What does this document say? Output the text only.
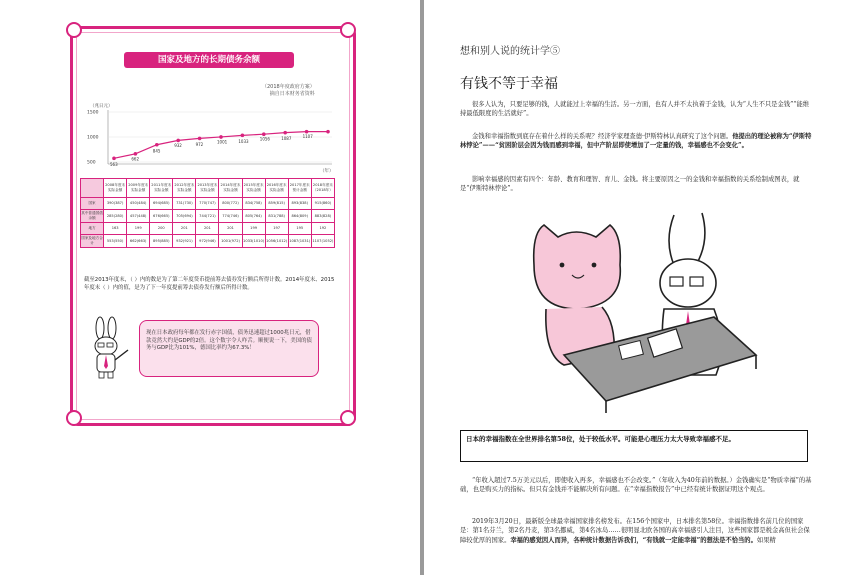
国家及地方的长期债务余额
（2018年度政府方案）
摘自日本财务省资料
（兆日元）
（年）
1500
1000
500	563
662
845
932	972	1001	1033	1056	1087	1107
	2008年度末实际金额	2009年度末实际金额	2011年度末实际金额	2012年度末实际金额	2013年度末实际金额	2014年度末实际金额	2015年度末实际金额	2016年度末实际金额	2017年度末预计金额	2018年度末（2018年）
国家	390(387)	450(484)	694(685)	731(730)	770(747)	800(772)	834(758)	859(815)	893(838)	915(860)
其中普通国债余额	285(280)	457(448)	676(665)	705(694)	744(721)	774(746)	805(764)	831(788)	864(809)	883(828)
地方	163	199	200	201	201	201	199	197	195	192
国家及地方合计	553(550)	662(663)	895(885)	932(921)	972(946)	1001(972)	1033(1010)	1056(1012)	1087(1031)	1107(1052)
截至2013年度末，（ ）内的数是为了第二年度贷币提前筹去债券发行额后所得计数。2014年度末、2015年度末（ ）内的值，是为了下一年度提前筹去债券发行额后所得计数。
现在日本政府每年都在发行赤字国债，债务迅速超过1000兆日元，借款竟然大约是GDP的2倍。这个数字令人咋舌。顺便说一下，美国的债务与GDP比为101%，德国比率约为67.3%！
想和别人说的统计学⑤
有钱不等于幸福
很多人认为，只要足够的钱，人就能过上幸福的生活。另一方面，也有人并不太执着于金钱，认为“人生不只是金钱”“能维持最低限度的生活就好”。
金钱和幸福指数到底存在着什么样的关系呢？经济学家理查德·伊斯特林认真研究了这个问题。他提出的理论被称为“伊斯特林悖论”——“贫困阶层会因为钱而感到幸福，但中产阶层即使增加了一定量的钱，幸福感也不会变化”。
影响幸福感的因素有四个：年龄、教育和理智、育儿、金钱。将主要原因之一的金钱和幸福指数的关系绘制成图表，就是“伊斯特林悖论”。
日本的幸福指数在全世界排名第58位，处于较低水平。可能是心理压力太大导致幸福感不足。
“年收入超过7.5万美元以后，即使收入再多，幸福感也不会改变。”（年收入为40年前的数据。）金钱确实是“物质幸福”的基础，也是购买力的指标。但只有金钱并不能解决所有问题。在“幸福指数报告”中已经有统计数据证明这个观点。
2019年3月20日，最新版全球最幸福国家排名榜发布。在156个国家中，日本排名第58位。幸福指数排名前几位的国家是：第1名芬兰，第2名丹麦，第3名挪威，第4名冰岛……很明显北欧各国的高幸福感引人注目，这些国家都是税金高但社会保障较优厚的国家。幸福的感觉因人而异，各种统计数据告诉我们，“有钱就一定能幸福”的想法是不恰当的。如果精
